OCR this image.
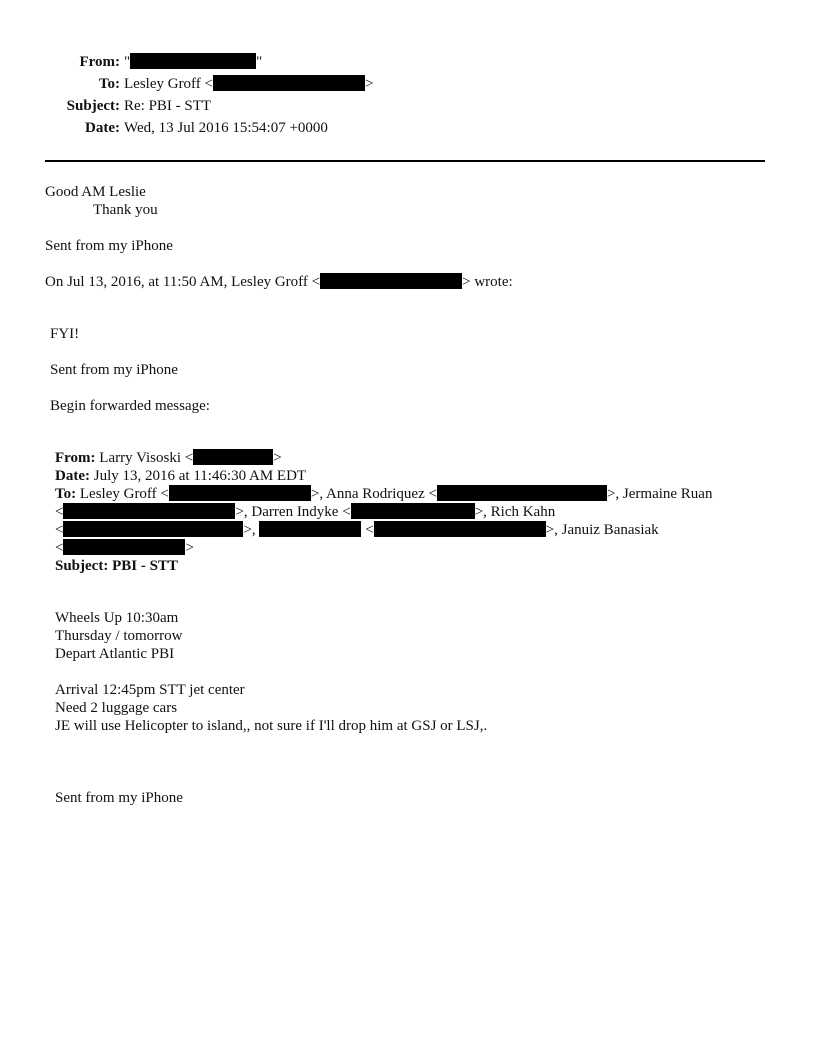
From: "	"
To: Lesley Groff <	>
Subject: Re: PBI - STT
Date: Wed, 13 Jul 2016 15:54:07 +0000
Good AM Leslie
Thank you
Sent from my iPhone
On Jul 13, 2016, at 11:50 AM, Lesley Groff <	> wrote:
FYI!
Sent from my iPhone
Begin forwarded message:
From: Larry Visoski <	>
Date: July 13, 2016 at 11:46:30 AM EDT
To: Lesley Groff <	>, Anna Rodriquez <	>, Jermaine Ruan
<	>, Darren Indyke <	>, Rich Kahn
<	>,	<	>, Januiz Banasiak
<	>
Subject: PBI - STT
Wheels Up 10:30am
Thursday / tomorrow
Depart Atlantic PBI
Arrival 12:45pm STT jet center
Need 2 luggage cars
JE will use Helicopter to island,, not sure if I'll drop him at GSJ or LSJ,.
Sent from my iPhone
